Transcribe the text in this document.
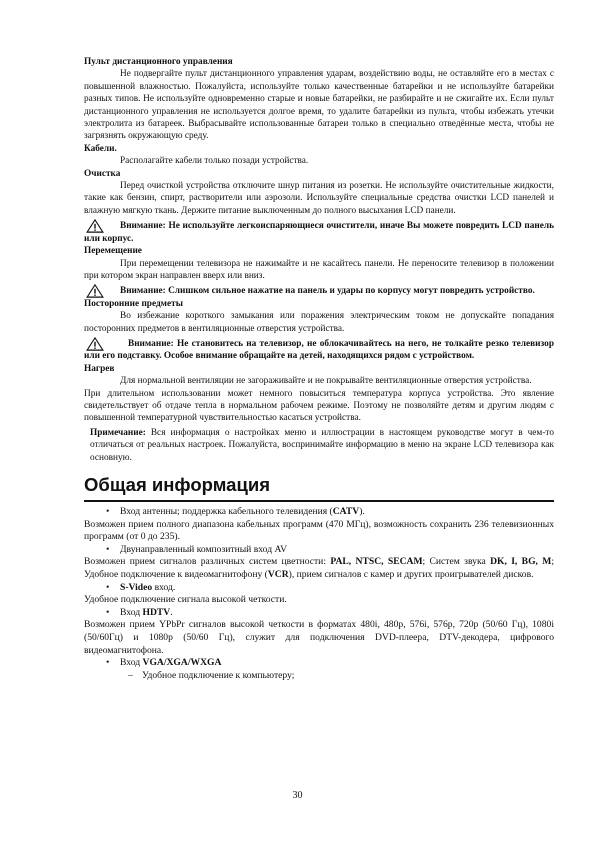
Пульт дистанционного управления

Не подвергайте пульт дистанционного управления ударам, воздействию воды, не оставляйте его в местах с повышенной влажностью. Пожалуйста, используйте только качественные батарейки и не используйте батарейки разных типов. Не используйте одновременно старые и новые батарейки, не разбирайте и не сжигайте их. Если пульт дистанционного управления не используется долгое время, то удалите батарейки из пульта, чтобы избежать утечки электролита из батареек. Выбрасывайте использованные батареи только в специально отведённые места, чтобы не загрязнять окружающую среду.

Кабели.

Располагайте кабели только позади устройства.

Очистка

Перед очисткой устройства отключите шнур питания из розетки. Не используйте очистительные жидкости, такие как бензин, спирт, растворители или аэрозоли. Используйте специальные средства очистки LCD панелей и влажную мягкую ткань. Держите питание выключенным до полного высыхания LCD панели.

Внимание: Не используйте легкоиспаряющиеся очистители, иначе Вы можете повредить LCD панель или корпус.
Перемещение

При перемещении телевизора не нажимайте и не касайтесь панели. Не переносите телевизор в положении при котором экран направлен вверх или вниз.

Внимание: Слишком сильное нажатие на панель и удары по корпусу могут повредить устройство.
Посторонние предметы

Во избежание короткого замыкания или поражения электрическим током не допускайте попадания посторонних предметов в вентиляционные отверстия устройства.

Внимание: Не становитесь на телевизор, не облокачивайтесь на него, не толкайте резко телевизор или его подставку. Особое внимание обращайте на детей, находящихся рядом с устройством.
Нагрев

Для нормальной вентиляции не загораживайте и не покрывайте вентиляционные отверстия устройства.

При длительном использовании может немного повыситься температура корпуса устройства. Это явление свидетельствует об отдаче тепла в нормальном рабочем режиме. Поэтому не позволяйте детям и другим людям с повышенной температурной чувствительностью касаться устройства.

Примечание: Вся информация о настройках меню и иллюстрации в настоящем руководстве могут в чем-то отличаться от реальных настроек. Пожалуйста, воспринимайте информацию в меню на экране LCD телевизора как основную.

Общая информация
• Вход антенны; поддержка кабельного телевидения (CATV).

Возможен прием полного диапазона кабельных программ (470 МГц), возможность сохранить 236 телевизионных программ (от 0 до 235).

• Двунаправленный композитный вход AV

Возможен прием сигналов различных систем цветности: PAL, NTSC, SECAM; Систем звука DK, I, BG, M; Удобное подключение к видеомагнитофону (VCR), прием сигналов с камер и других проигрывателей дисков.

• S-Video вход.

Удобное подключение сигнала высокой четкости.

• Вход HDTV.

Возможен прием YPbPr сигналов высокой четкости в форматах 480i, 480p, 576i, 576p, 720p (50/60 Гц), 1080i (50/60Гц) и 1080p (50/60 Гц), служит для подключения DVD-плеера, DTV-декодера, цифрового видеомагнитофона.

• Вход VGA/XGA/WXGA
– Удобное подключение к компьютеру;
30
